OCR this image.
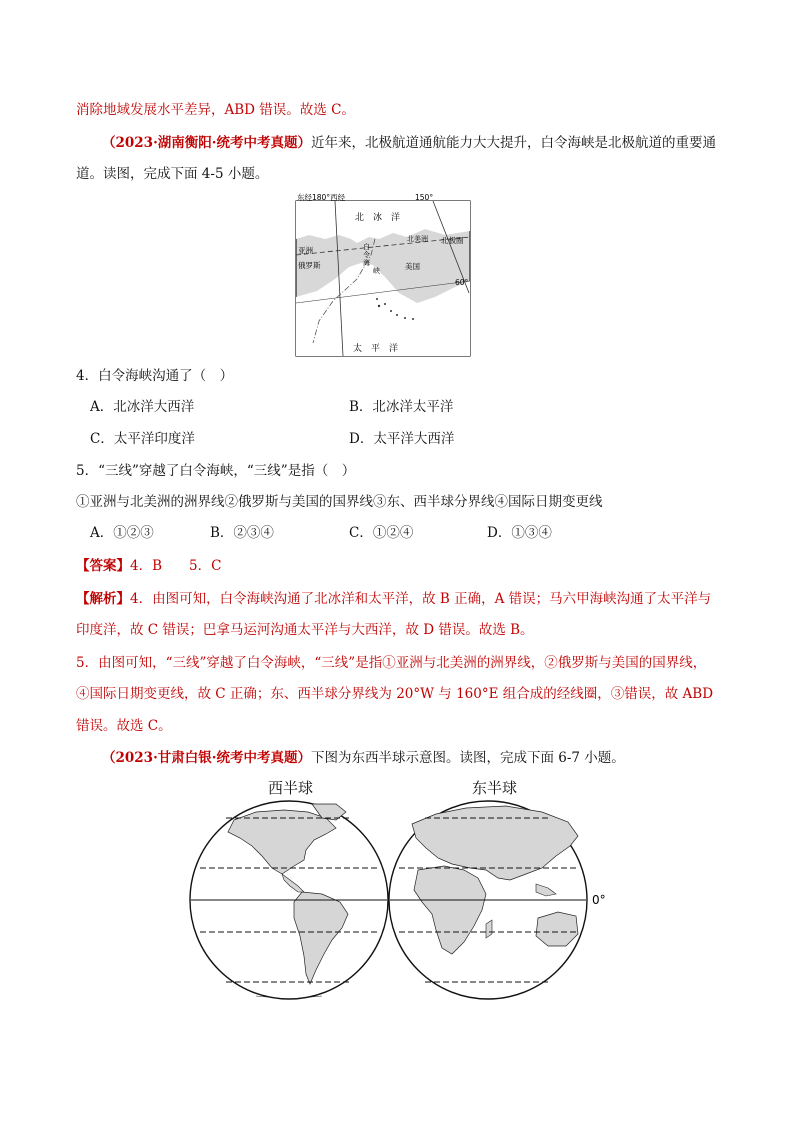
消除地域发展水平差异，ABD 错误。故选 C。
（2023·湖南衡阳·统考中考真题）近年来，北极航道通航能力大大提升，白令海峡是北极航道的重要通
道。读图，完成下面 4-5 小题。
东经180°西经	150°
北　冰　洋
北美洲 北极圈
亚洲
俄罗斯
白
令
海
峡	美国
60°
太　平　洋
4．白令海峡沟通了（　）
A．北冰洋大西洋	B．北冰洋太平洋
C．太平洋印度洋	D．太平洋大西洋
5．“三线”穿越了白令海峡，“三线”是指（　）
①亚洲与北美洲的洲界线②俄罗斯与美国的国界线③东、西半球分界线④国际日期变更线
A．①②③	B．②③④	C．①②④	D．①③④
【答案】4．B　　5．C
【解析】4．由图可知，白令海峡沟通了北冰洋和太平洋，故 B 正确，A 错误；马六甲海峡沟通了太平洋与
印度洋，故 C 错误；巴拿马运河沟通太平洋与大西洋，故 D 错误。故选 B。
5．由图可知，“三线”穿越了白令海峡，“三线”是指①亚洲与北美洲的洲界线，②俄罗斯与美国的国界线，
④国际日期变更线，故 C 正确；东、西半球分界线为 20°W 与 160°E 组合成的经线圈，③错误，故 ABD
错误。故选 C。
（2023·甘肃白银·统考中考真题）下图为东西半球示意图。读图，完成下面 6-7 小题。
西半球	东半球
0°
